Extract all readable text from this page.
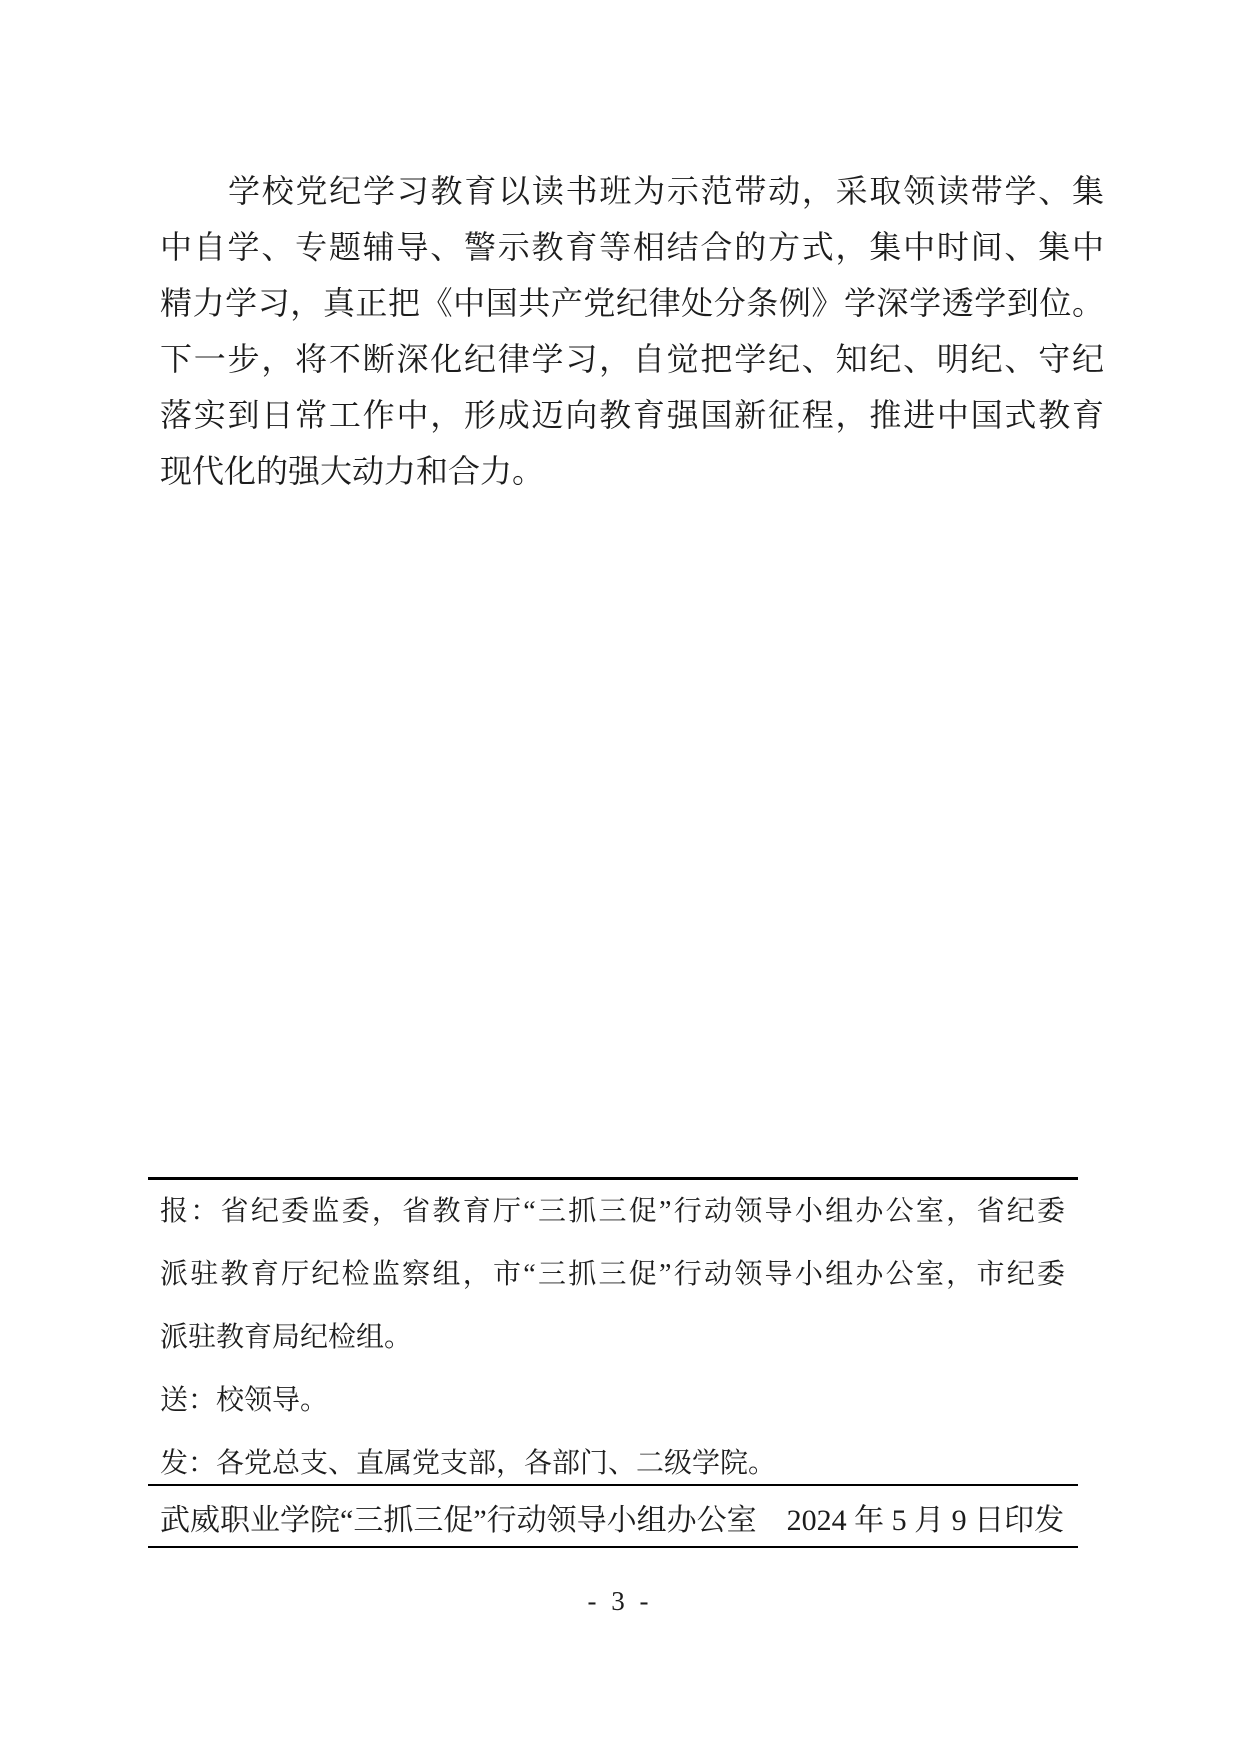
学校党纪学习教育以读书班为示范带动，采取领读带学、集
中自学、专题辅导、警示教育等相结合的方式，集中时间、集中
精力学习，真正把《中国共产党纪律处分条例》学深学透学到位。
下一步，将不断深化纪律学习，自觉把学纪、知纪、明纪、守纪
落实到日常工作中，形成迈向教育强国新征程，推进中国式教育
现代化的强大动力和合力。
报：省纪委监委，省教育厅“三抓三促”行动领导小组办公室，省纪委
派驻教育厅纪检监察组，市“三抓三促”行动领导小组办公室，市纪委
派驻教育局纪检组。
送：校领导。
发：各党总支、直属党支部，各部门、二级学院。
武威职业学院“三抓三促”行动领导小组办公室　2024 年 5 月 9 日印发
- 3 -
